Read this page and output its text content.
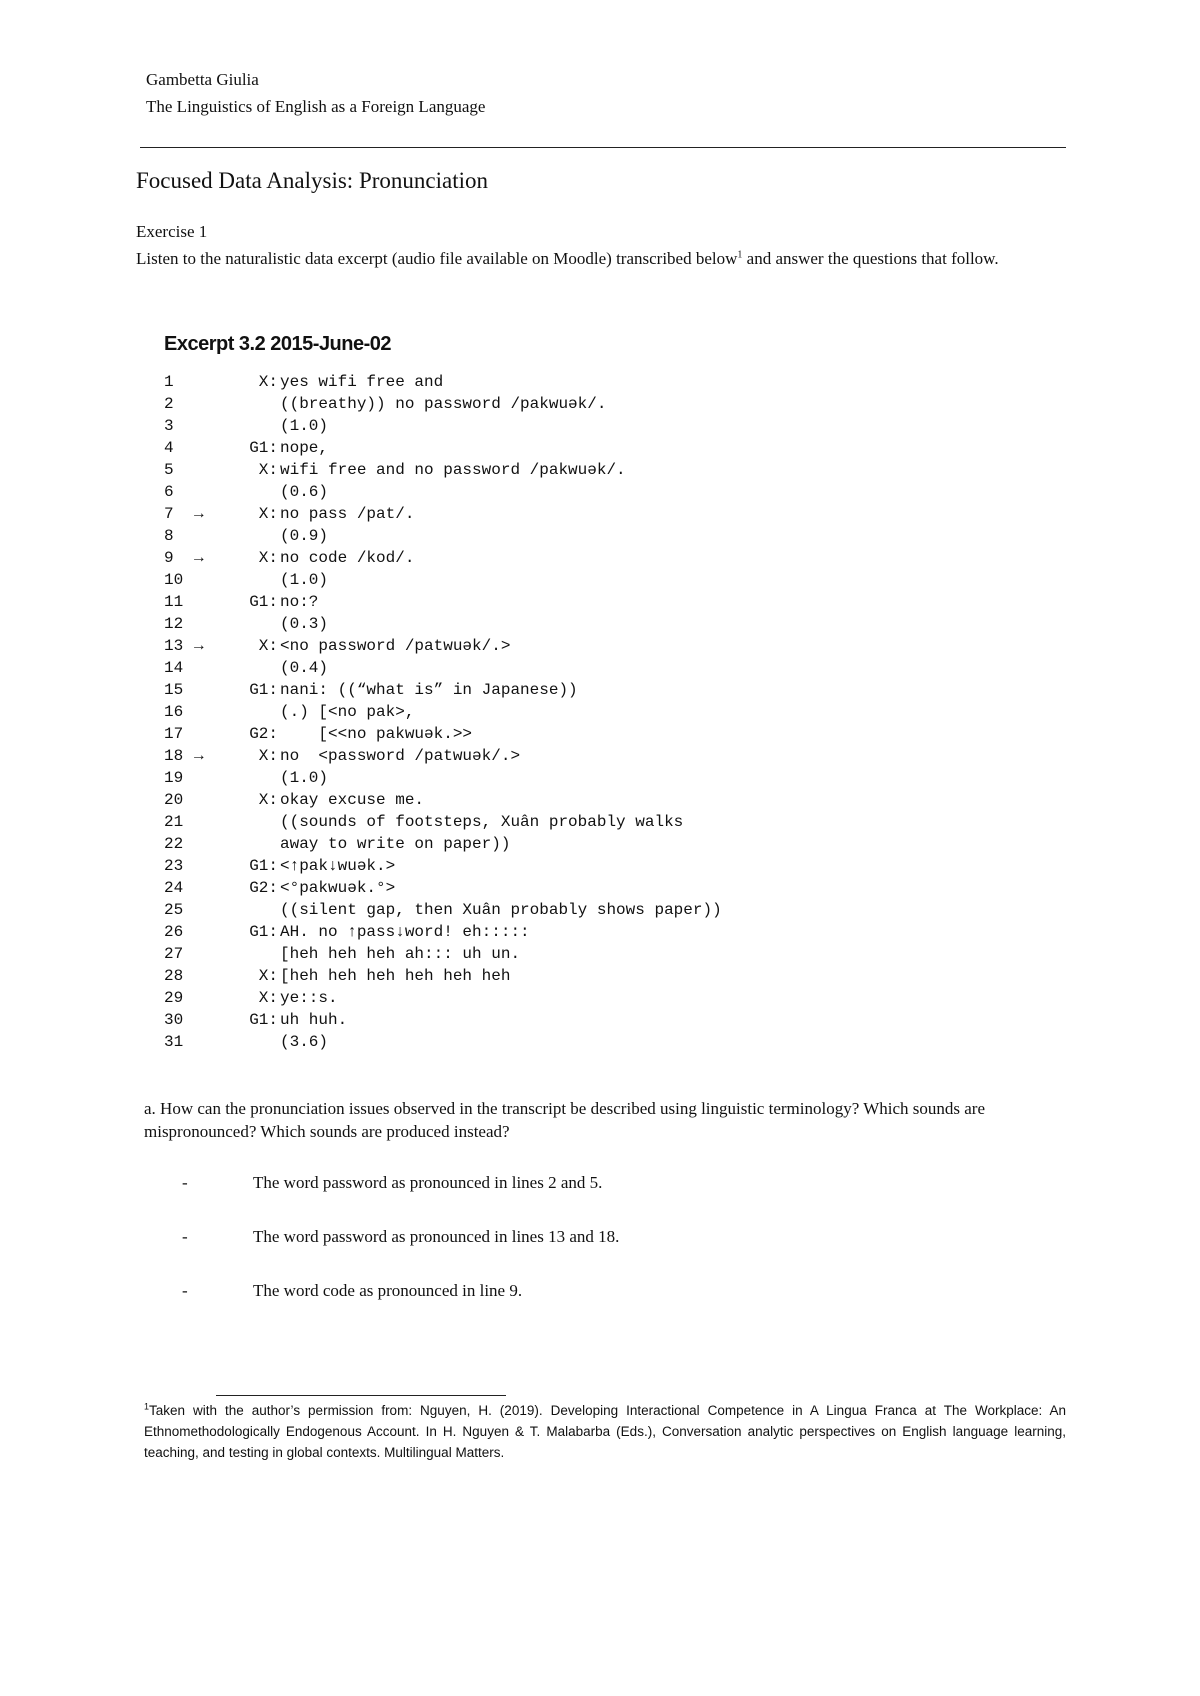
Gambetta Giulia
The Linguistics of English as a Foreign Language
Focused Data Analysis: Pronunciation
Exercise 1
Listen to the naturalistic data excerpt (audio file available on Moodle) transcribed below$^1$ and answer the questions that follow.
Excerpt 3.2 2015-June-02
1	X: yes wifi free and
2	((breathy)) no password /pakwuək/.
3	(1.0)
4	G1: nope,
5	X: wifi free and no password /pakwuək/.
6	(0.6)
7 →	X: no pass /pat/.
8	(0.9)
9 →	X: no code /kod/.
10	(1.0)
11	G1: no:?
12	(0.3)
13 →	X: <no password /patwuək/.>
14	(0.4)
15	G1: nani: ((“what is” in Japanese))
16	(.) [<no pak>,
17	G2: [<<no pakwuək.>>
18 →	X: no  <password /patwuək/.>
19	(1.0)
20	X: okay excuse me.
21	((sounds of footsteps, Xuân probably walks
22	away to write on paper))
23	G1: <↑pak↓wuək.>
24	G2: <°pakwuək.°>
25	((silent gap, then Xuân probably shows paper))
26	G1: AH. no ↑pass↓word! eh:::::
27	[heh heh heh ah::: uh un.
28	X: [heh heh heh heh heh heh
29	X: ye::s.
30	G1: uh huh.
31	(3.6)
a. How can the pronunciation issues observed in the transcript be described using linguistic terminology? Which sounds are mispronounced? Which sounds are produced instead?
-	The word password as pronounced in lines 2 and 5.
-	The word password as pronounced in lines 13 and 18.
-	The word code as pronounced in line 9.
$^1$Taken with the author’s permission from: Nguyen, H. (2019). Developing Interactional Competence in A Lingua Franca at The Workplace: An Ethnomethodologically Endogenous Account. In H. Nguyen & T. Malabarba (Eds.), Conversation analytic perspectives on English language learning, teaching, and testing in global contexts. Multilingual Matters.
